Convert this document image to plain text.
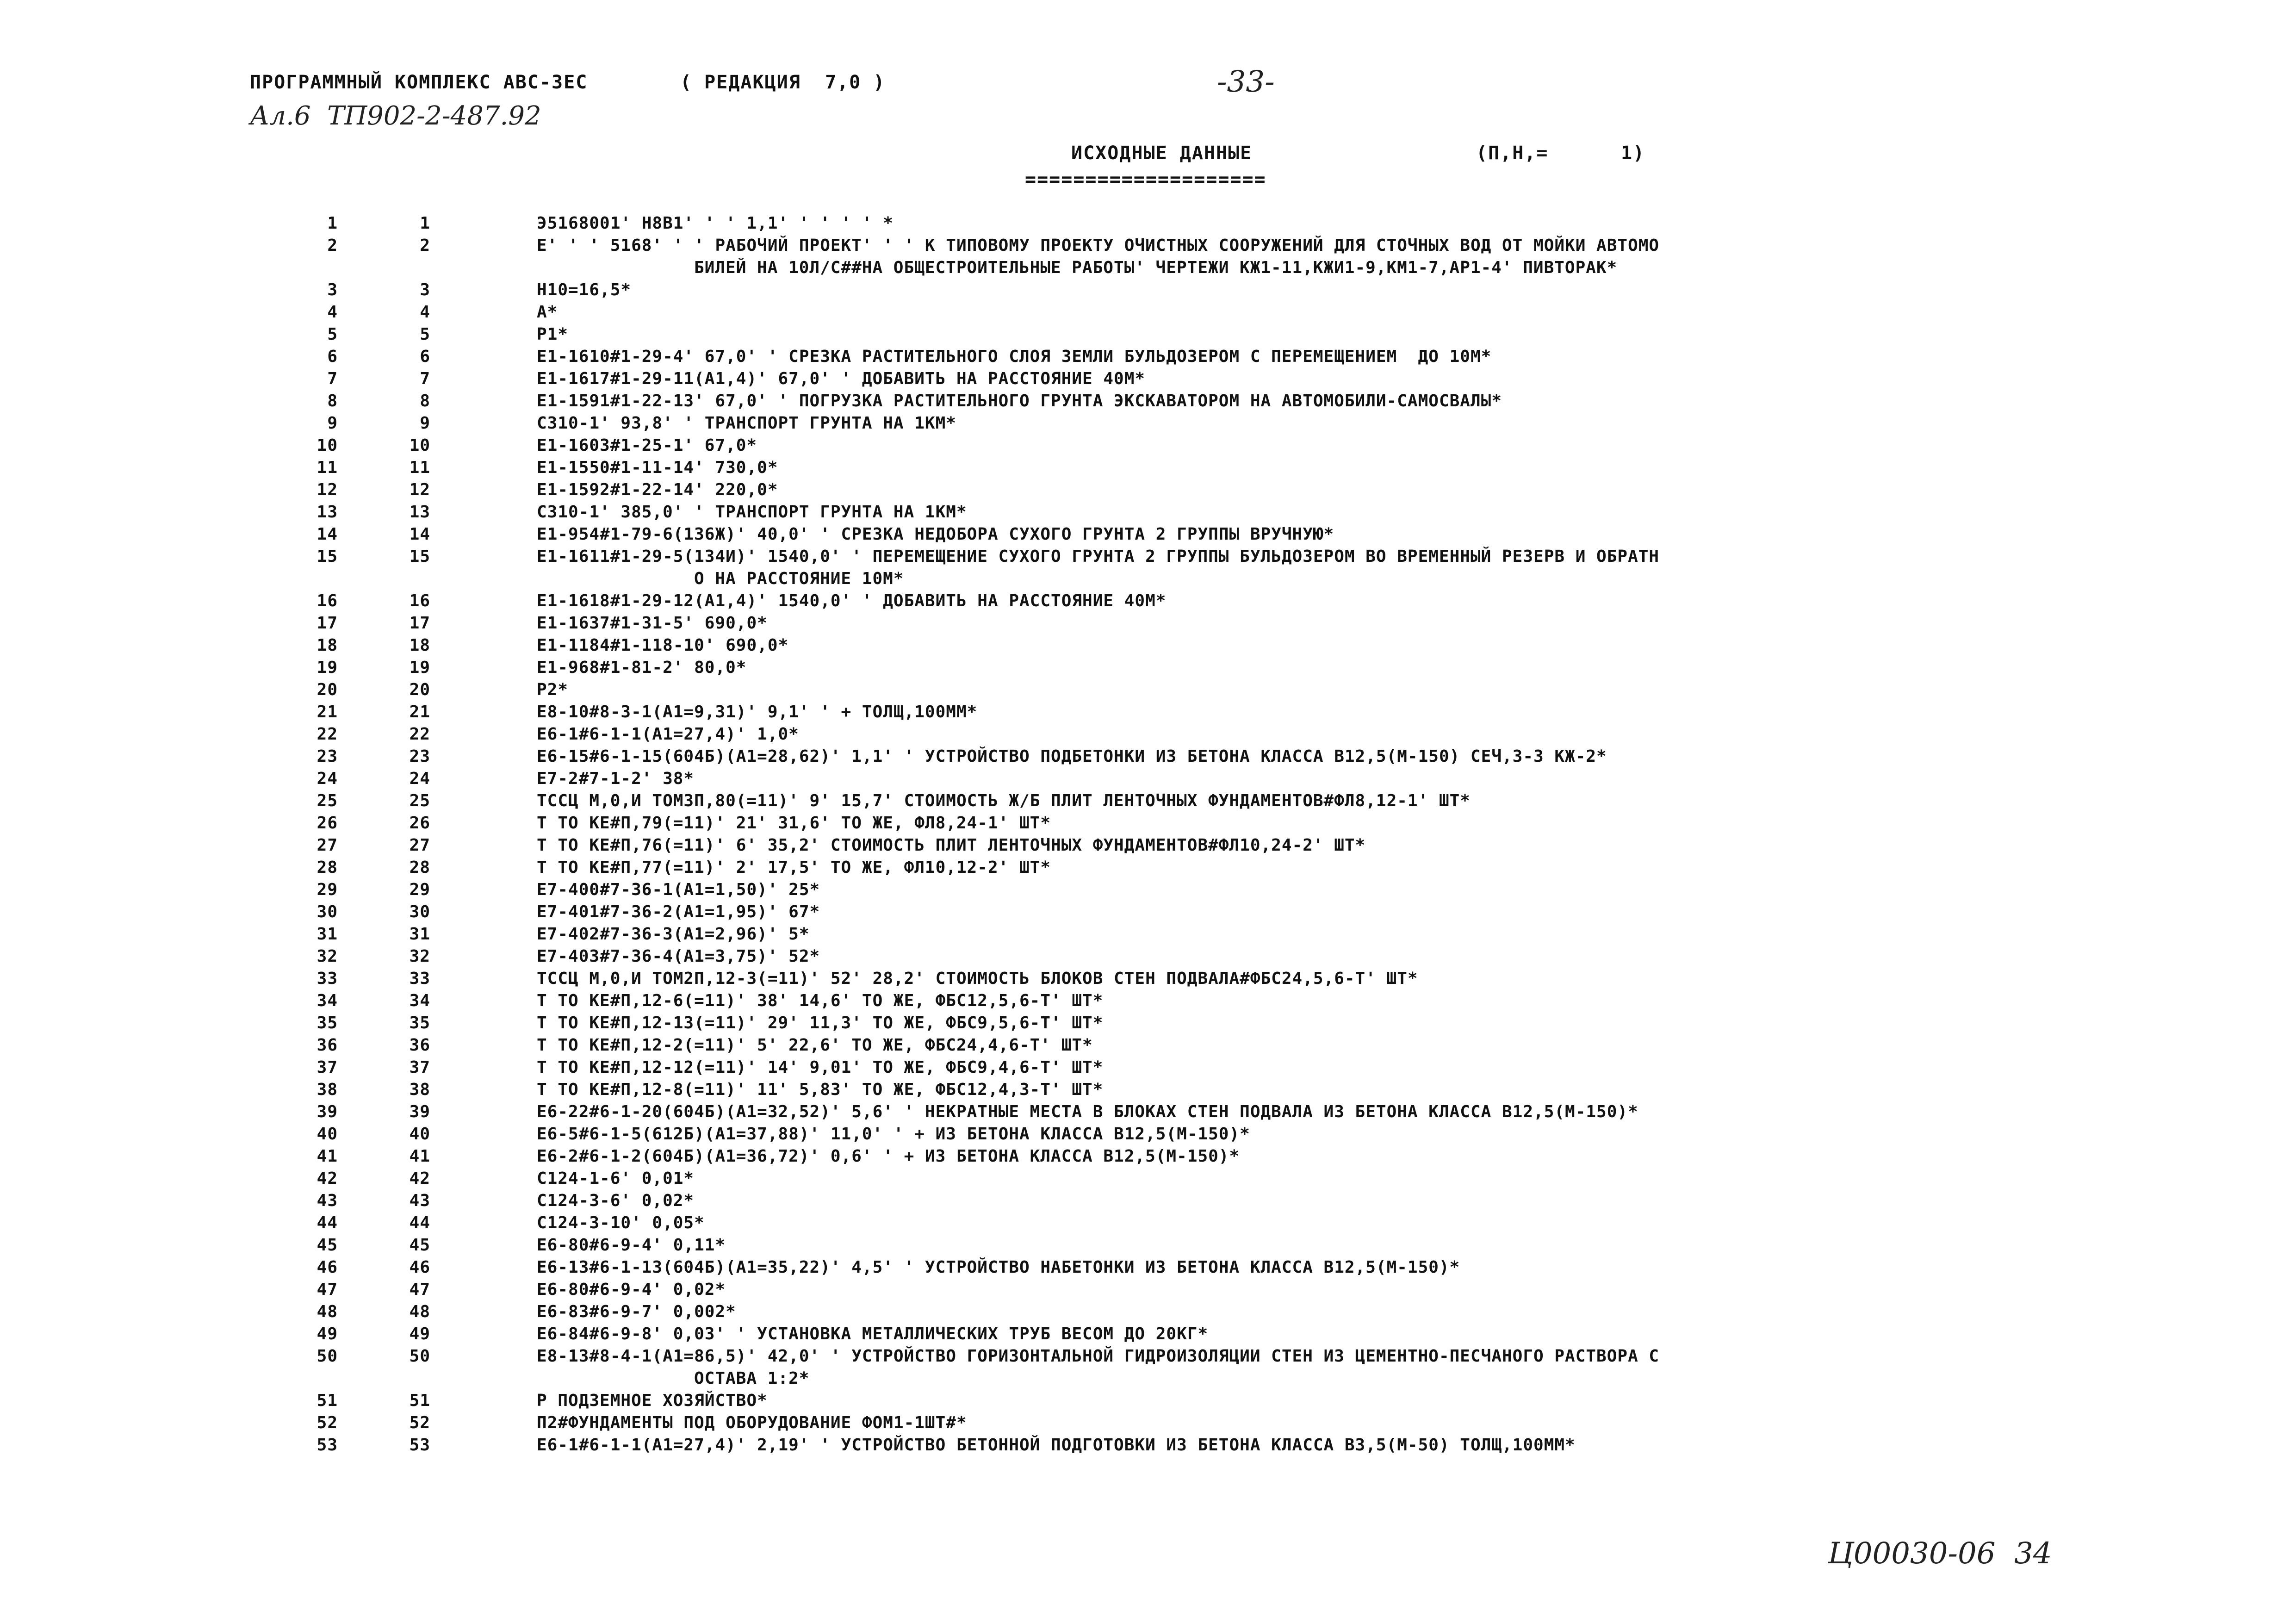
ПРОГРАММНЫЙ КОМПЛЕКС АВС-3ЕС	( РЕДАКЦИЯ  7,0 )	-33-
Ал.6  ТП902-2-487.92
ИСХОДНЫЕ ДАННЫЕ	(П,Н,=      1)
====================
1	1	Э5168001' Н8В1' ' ' 1,1' ' ' ' ' *
2	2	Е' ' ' 5168' ' ' РАБОЧИЙ ПРОЕКТ' ' ' К ТИПОВОМУ ПРОЕКТУ ОЧИСТНЫХ СООРУЖЕНИЙ ДЛЯ СТОЧНЫХ ВОД ОТ МОЙКИ АВТОМО
БИЛЕЙ НА 10Л/С##НА ОБЩЕСТРОИТЕЛЬНЫЕ РАБОТЫ' ЧЕРТЕЖИ КЖ1-11,КЖИ1-9,КМ1-7,АР1-4' ПИВТОРАК*
3	3	Н10=16,5*
4	4	А*
5	5	Р1*
6	6	Е1-1610#1-29-4' 67,0' ' СРЕЗКА РАСТИТЕЛЬНОГО СЛОЯ ЗЕМЛИ БУЛЬДОЗЕРОМ С ПЕРЕМЕЩЕНИЕМ  ДО 10М*
7	7	Е1-1617#1-29-11(А1,4)' 67,0' ' ДОБАВИТЬ НА РАССТОЯНИЕ 40М*
8	8	Е1-1591#1-22-13' 67,0' ' ПОГРУЗКА РАСТИТЕЛЬНОГО ГРУНТА ЭКСКАВАТОРОМ НА АВТОМОБИЛИ-САМОСВАЛЫ*
9	9	С310-1' 93,8' ' ТРАНСПОРТ ГРУНТА НА 1КМ*
10	10	Е1-1603#1-25-1' 67,0*
11	11	Е1-1550#1-11-14' 730,0*
12	12	Е1-1592#1-22-14' 220,0*
13	13	С310-1' 385,0' ' ТРАНСПОРТ ГРУНТА НА 1КМ*
14	14	Е1-954#1-79-6(136Ж)' 40,0' ' СРЕЗКА НЕДОБОРА СУХОГО ГРУНТА 2 ГРУППЫ ВРУЧНУЮ*
15	15	Е1-1611#1-29-5(134И)' 1540,0' ' ПЕРЕМЕЩЕНИЕ СУХОГО ГРУНТА 2 ГРУППЫ БУЛЬДОЗЕРОМ ВО ВРЕМЕННЫЙ РЕЗЕРВ И ОБРАТН
О НА РАССТОЯНИЕ 10М*
16	16	Е1-1618#1-29-12(А1,4)' 1540,0' ' ДОБАВИТЬ НА РАССТОЯНИЕ 40М*
17	17	Е1-1637#1-31-5' 690,0*
18	18	Е1-1184#1-118-10' 690,0*
19	19	Е1-968#1-81-2' 80,0*
20	20	Р2*
21	21	Е8-10#8-3-1(А1=9,31)' 9,1' ' + ТОЛЩ,100ММ*
22	22	Е6-1#6-1-1(А1=27,4)' 1,0*
23	23	Е6-15#6-1-15(604Б)(А1=28,62)' 1,1' ' УСТРОЙСТВО ПОДБЕТОНКИ ИЗ БЕТОНА КЛАССА В12,5(М-150) СЕЧ,3-3 КЖ-2*
24	24	Е7-2#7-1-2' 38*
25	25	ТССЦ М,0,И ТОМ3П,80(=11)' 9' 15,7' СТОИМОСТЬ Ж/Б ПЛИТ ЛЕНТОЧНЫХ ФУНДАМЕНТОВ#ФЛ8,12-1' ШТ*
26	26	Т ТО КЕ#П,79(=11)' 21' 31,6' ТО ЖЕ, ФЛ8,24-1' ШТ*
27	27	Т ТО КЕ#П,76(=11)' 6' 35,2' СТОИМОСТЬ ПЛИТ ЛЕНТОЧНЫХ ФУНДАМЕНТОВ#ФЛ10,24-2' ШТ*
28	28	Т ТО КЕ#П,77(=11)' 2' 17,5' ТО ЖЕ, ФЛ10,12-2' ШТ*
29	29	Е7-400#7-36-1(А1=1,50)' 25*
30	30	Е7-401#7-36-2(А1=1,95)' 67*
31	31	Е7-402#7-36-3(А1=2,96)' 5*
32	32	Е7-403#7-36-4(А1=3,75)' 52*
33	33	ТССЦ М,0,И ТОМ2П,12-3(=11)' 52' 28,2' СТОИМОСТЬ БЛОКОВ СТЕН ПОДВАЛА#ФБС24,5,6-Т' ШТ*
34	34	Т ТО КЕ#П,12-6(=11)' 38' 14,6' ТО ЖЕ, ФБС12,5,6-Т' ШТ*
35	35	Т ТО КЕ#П,12-13(=11)' 29' 11,3' ТО ЖЕ, ФБС9,5,6-Т' ШТ*
36	36	Т ТО КЕ#П,12-2(=11)' 5' 22,6' ТО ЖЕ, ФБС24,4,6-Т' ШТ*
37	37	Т ТО КЕ#П,12-12(=11)' 14' 9,01' ТО ЖЕ, ФБС9,4,6-Т' ШТ*
38	38	Т ТО КЕ#П,12-8(=11)' 11' 5,83' ТО ЖЕ, ФБС12,4,3-Т' ШТ*
39	39	Е6-22#6-1-20(604Б)(А1=32,52)' 5,6' ' НЕКРАТНЫЕ МЕСТА В БЛОКАХ СТЕН ПОДВАЛА ИЗ БЕТОНА КЛАССА В12,5(М-150)*
40	40	Е6-5#6-1-5(612Б)(А1=37,88)' 11,0' ' + ИЗ БЕТОНА КЛАССА В12,5(М-150)*
41	41	Е6-2#6-1-2(604Б)(А1=36,72)' 0,6' ' + ИЗ БЕТОНА КЛАССА В12,5(М-150)*
42	42	С124-1-6' 0,01*
43	43	С124-3-6' 0,02*
44	44	С124-3-10' 0,05*
45	45	Е6-80#6-9-4' 0,11*
46	46	Е6-13#6-1-13(604Б)(А1=35,22)' 4,5' ' УСТРОЙСТВО НАБЕТОНКИ ИЗ БЕТОНА КЛАССА В12,5(М-150)*
47	47	Е6-80#6-9-4' 0,02*
48	48	Е6-83#6-9-7' 0,002*
49	49	Е6-84#6-9-8' 0,03' ' УСТАНОВКА МЕТАЛЛИЧЕСКИХ ТРУБ ВЕСОМ ДО 20КГ*
50	50	Е8-13#8-4-1(А1=86,5)' 42,0' ' УСТРОЙСТВО ГОРИЗОНТАЛЬНОЙ ГИДРОИЗОЛЯЦИИ СТЕН ИЗ ЦЕМЕНТНО-ПЕСЧАНОГО РАСТВОРА С
ОСТАВА 1:2*
51	51	Р ПОДЗЕМНОЕ ХОЗЯЙСТВО*
52	52	П2#ФУНДАМЕНТЫ ПОД ОБОРУДОВАНИЕ ФОМ1-1ШТ#*
53	53	Е6-1#6-1-1(А1=27,4)' 2,19' ' УСТРОЙСТВО БЕТОННОЙ ПОДГОТОВКИ ИЗ БЕТОНА КЛАССА В3,5(М-50) ТОЛЩ,100ММ*
Ц00030-06  34
